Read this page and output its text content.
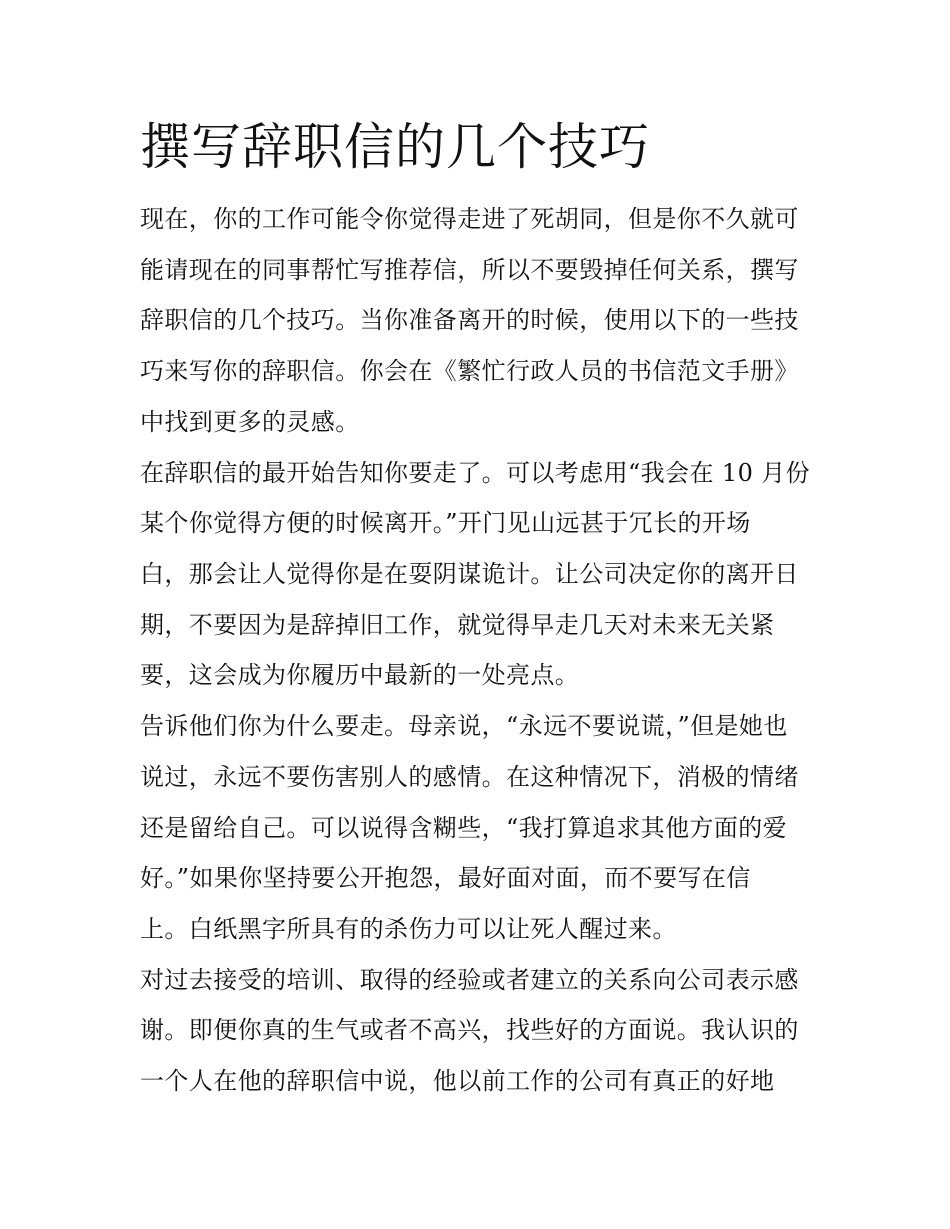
撰写辞职信的几个技巧
现在，你的工作可能令你觉得走进了死胡同，但是你不久就可
能请现在的同事帮忙写推荐信，所以不要毁掉任何关系，撰写
辞职信的几个技巧。当你准备离开的时候，使用以下的一些技
巧来写你的辞职信。你会在《繁忙行政人员的书信范文手册》
中找到更多的灵感。
在辞职信的最开始告知你要走了。可以考虑用“我会在 10 月份
某个你觉得方便的时候离开。”开门见山远甚于冗长的开场
白，那会让人觉得你是在耍阴谋诡计。让公司决定你的离开日
期，不要因为是辞掉旧工作，就觉得早走几天对未来无关紧
要，这会成为你履历中最新的一处亮点。
告诉他们你为什么要走。母亲说，“永远不要说谎，”但是她也
说过，永远不要伤害别人的感情。在这种情况下，消极的情绪
还是留给自己。可以说得含糊些，“我打算追求其他方面的爱
好。”如果你坚持要公开抱怨，最好面对面，而不要写在信
上。白纸黑字所具有的杀伤力可以让死人醒过来。
对过去接受的培训、取得的经验或者建立的关系向公司表示感
谢。即便你真的生气或者不高兴，找些好的方面说。我认识的
一个人在他的辞职信中说，他以前工作的公司有真正的好地
